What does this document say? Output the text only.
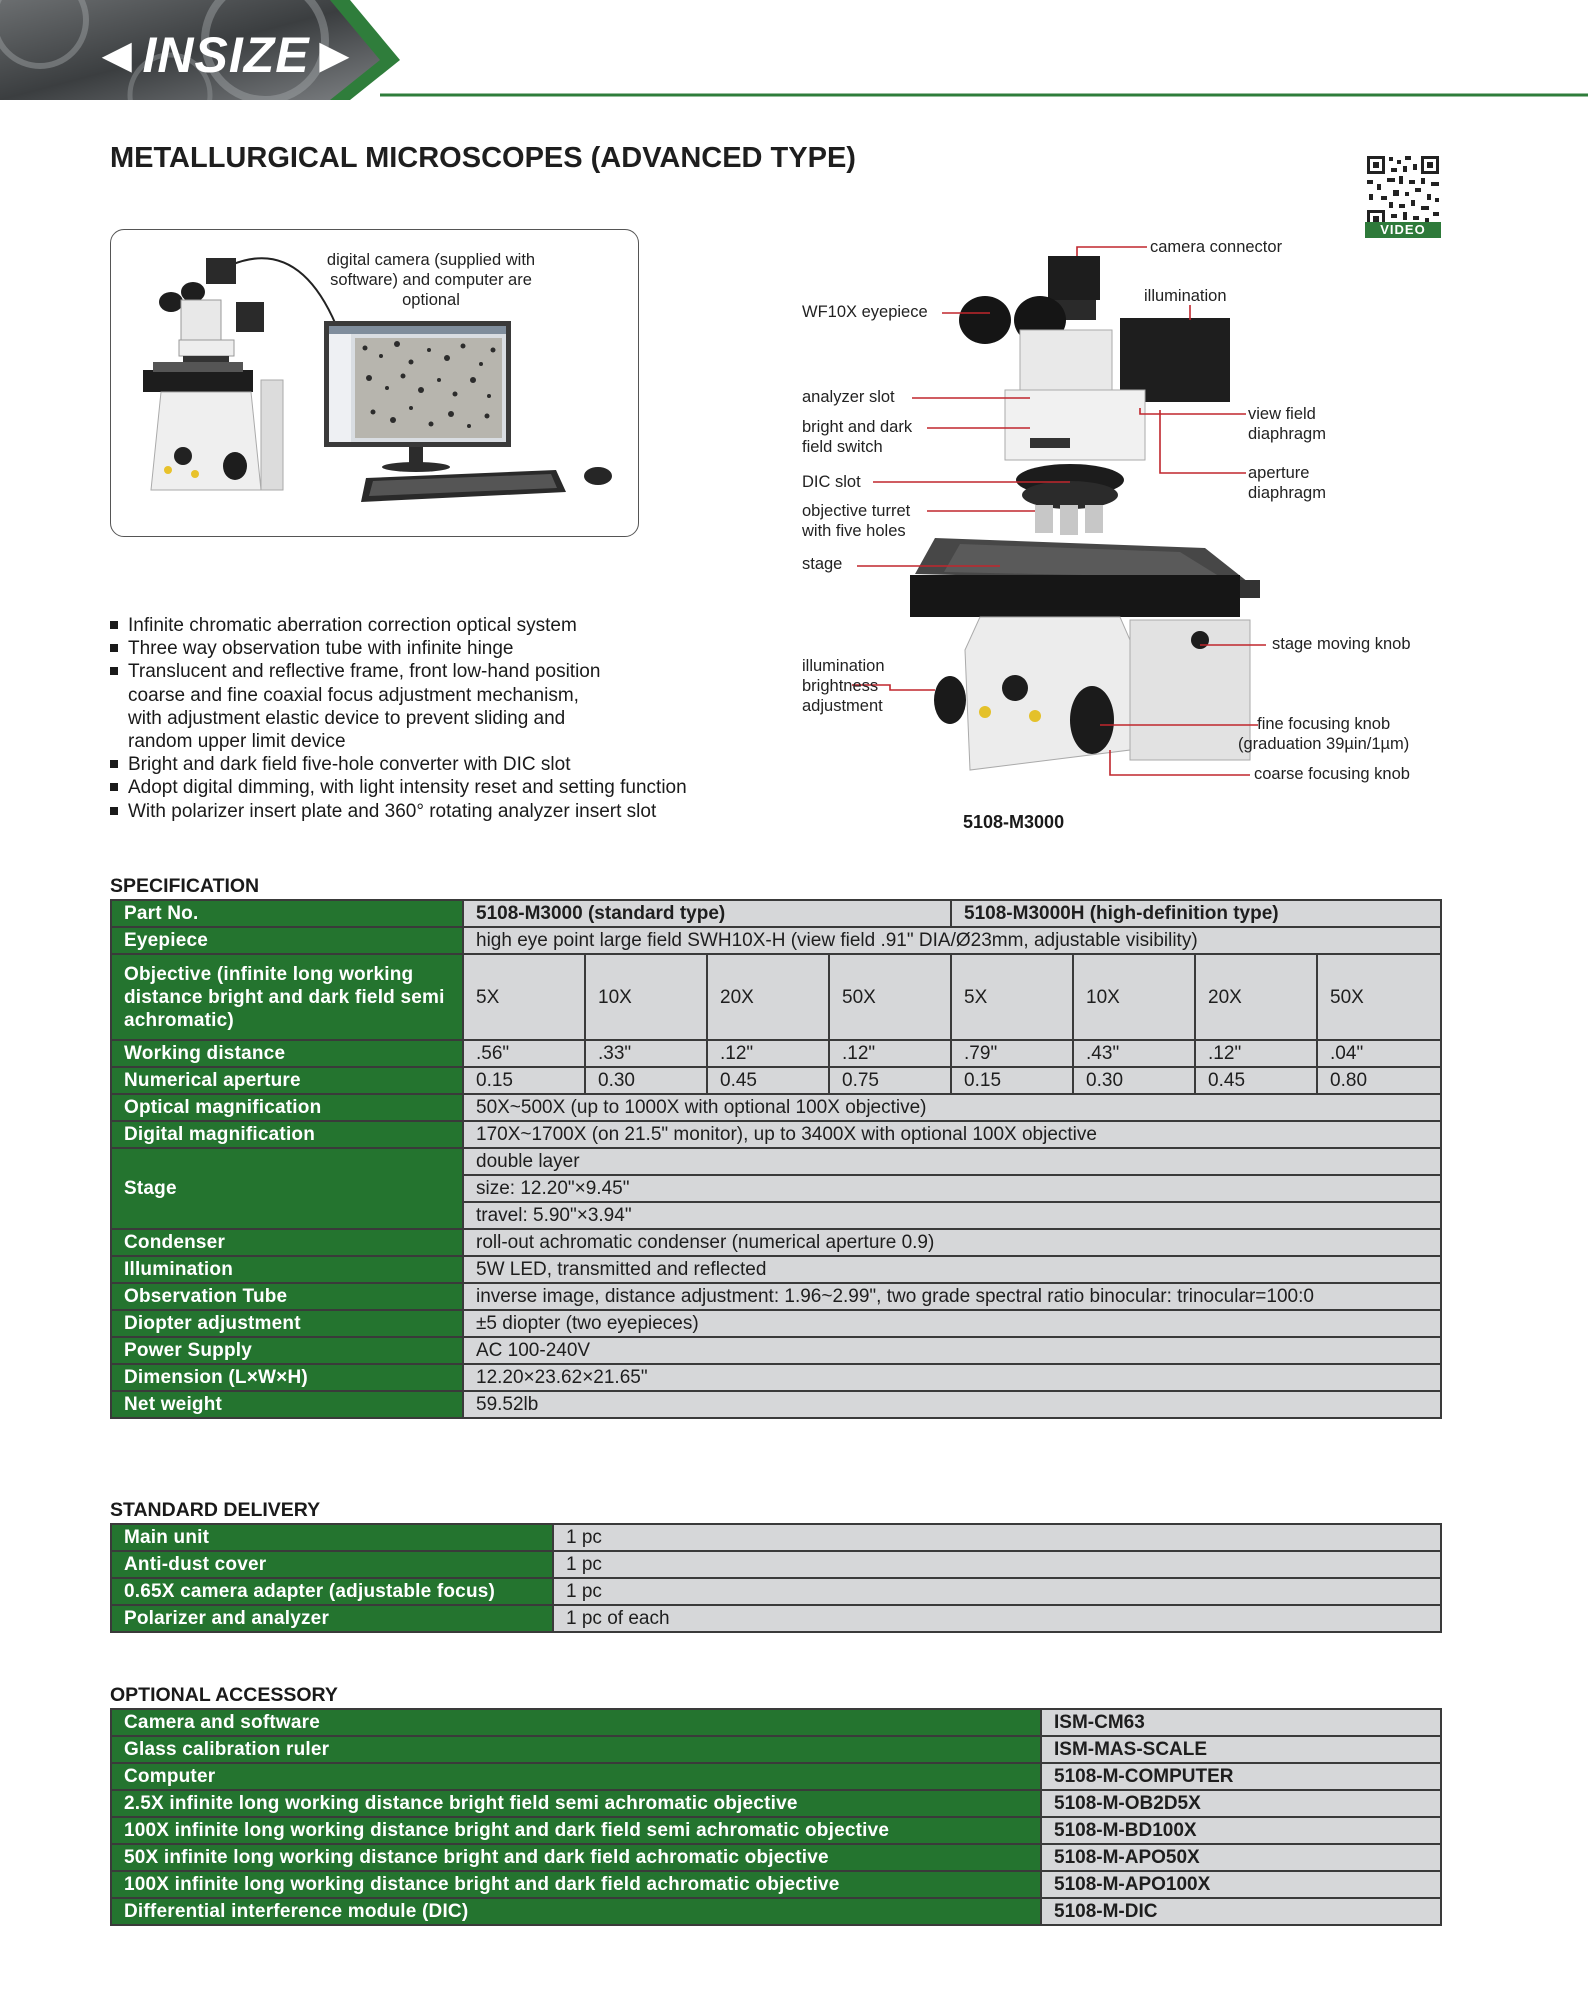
◄INSIZE►
METALLURGICAL MICROSCOPES (ADVANCED TYPE)
VIDEO
digital camera (supplied with software) and computer are optional
Infinite chromatic aberration correction optical system
Three way observation tube with infinite hinge
Translucent and reflective frame, front low-hand position
coarse and fine coaxial focus adjustment mechanism,
with adjustment elastic device to prevent sliding and
random upper limit device
Bright and dark field five-hole converter with DIC slot
Adopt digital dimming, with light intensity reset and setting function
With polarizer insert plate and 360° rotating analyzer insert slot
camera connector
illumination
WF10X eyepiece
analyzer slot
bright and dark
field switch
view field
diaphragm
DIC slot	aperture
diaphragm
objective turret
with five holes
stage
stage moving knob
illumination
brightness
adjustment
fine focusing knob
(graduation 39µin/1µm)
coarse focusing knob
5108-M3000
SPECIFICATION
Part No.	5108-M3000 (standard type)				5108-M3000H (high-definition type)			
Eyepiece	high eye point large field SWH10X-H (view field .91" DIA/Ø23mm, adjustable visibility)							
Objective (infinite long working distance bright and dark field semi achromatic)	5X	10X	20X	50X	5X	10X	20X	50X
Working distance	.56"	.33"	.12"	.12"	.79"	.43"	.12"	.04"
Numerical aperture	0.15	0.30	0.45	0.75	0.15	0.30	0.45	0.80
Optical magnification	50X~500X (up to 1000X with optional 100X objective)							
Digital magnification	170X~1700X (on 21.5" monitor), up to 3400X with optional 100X objective							
Stage	double layer							
	size: 12.20"×9.45"							
	travel: 5.90"×3.94"							
Condenser	roll-out achromatic condenser (numerical aperture 0.9)							
Illumination	5W LED, transmitted and reflected							
Observation Tube	inverse image, distance adjustment: 1.96~2.99", two grade spectral ratio binocular: trinocular=100:0							
Diopter adjustment	±5 diopter (two eyepieces)							
Power Supply	AC 100-240V							
Dimension (L×W×H)	12.20×23.62×21.65"							
Net weight	59.52lb							
STANDARD DELIVERY
Main unit	1 pc
Anti-dust cover	1 pc
0.65X camera adapter (adjustable focus)	1 pc
Polarizer and analyzer	1 pc of each
OPTIONAL ACCESSORY
Camera and software	ISM-CM63
Glass calibration ruler	ISM-MAS-SCALE
Computer	5108-M-COMPUTER
2.5X infinite long working distance bright field semi achromatic objective	5108-M-OB2D5X
100X infinite long working distance bright and dark field semi achromatic objective	5108-M-BD100X
50X infinite long working distance bright and dark field achromatic objective	5108-M-APO50X
100X infinite long working distance bright and dark field achromatic objective	5108-M-APO100X
Differential interference module (DIC)	5108-M-DIC
